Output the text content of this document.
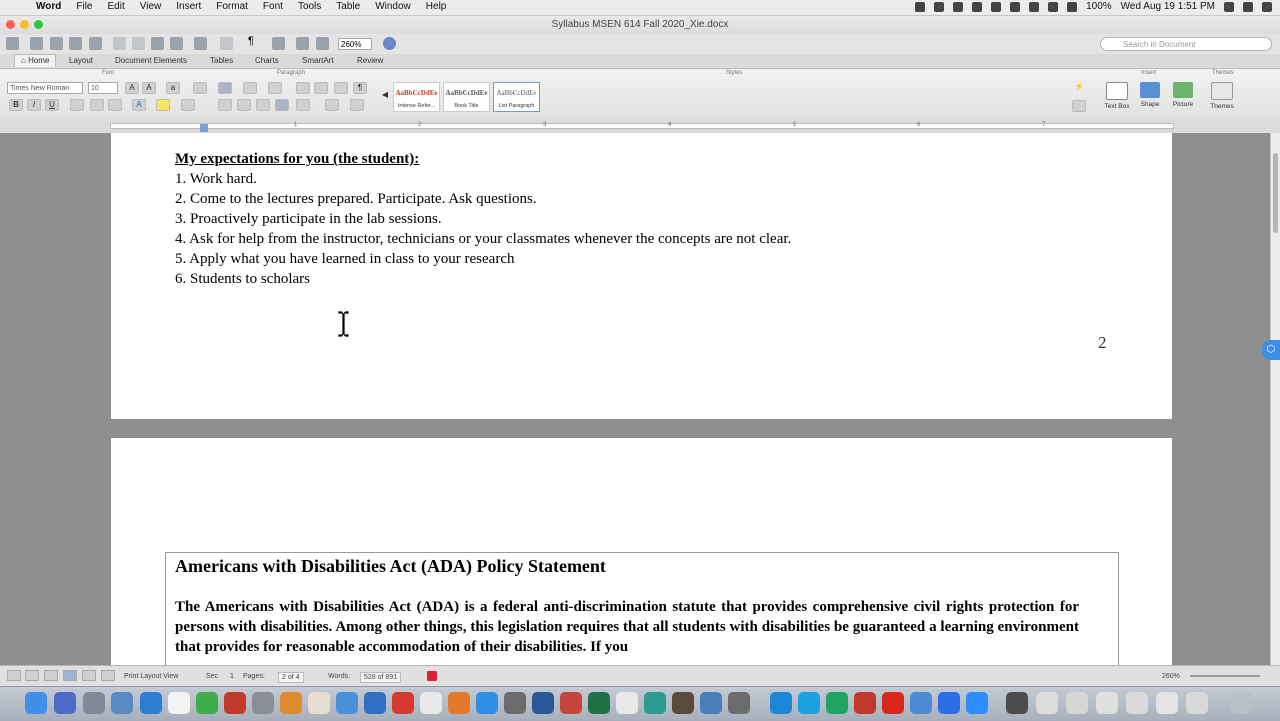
Word File Edit View Insert Format Font Tools Table Window Help	100% Wed Aug 19 1:51 PM
Syllabus MSEN 614 Fall 2020_Xie.docx
¶	260%	Search in Document
⌂ Home	Layout	Document Elements	Tables	Charts	SmartArt	Review
Font	Paragraph	Styles	Insert	Themes
Times New Roman	10	A	A	a
B	I	U	A
¶
◀	AaBbCcDdEe
Intense Refer...
AaBbCcDdEe
Book Title
AaBbCcDdEe
List Paragraph
⚡
Text Box	Shape	Picture	Themes
1	2	3	4	5	6	7
My expectations for you (the student):
1. Work hard.
2. Come to the lectures prepared. Participate. Ask questions.
3. Proactively participate in the lab sessions.
4. Ask for help from the instructor, technicians or your classmates whenever the concepts are not clear.
5. Apply what you have learned in class to your research
6. Students to scholars
2
Americans with Disabilities Act (ADA) Policy Statement
The Americans with Disabilities Act (ADA) is a federal anti-discrimination statute that provides comprehensive civil rights protection for persons with disabilities. Among other things, this legislation requires that all students with disabilities be guaranteed a learning environment that provides for reasonable accommodation of their disabilities. If you
⬡
Print Layout View	Sec 1 Pages:	2 of 4	Words:	528 of 891	260%
